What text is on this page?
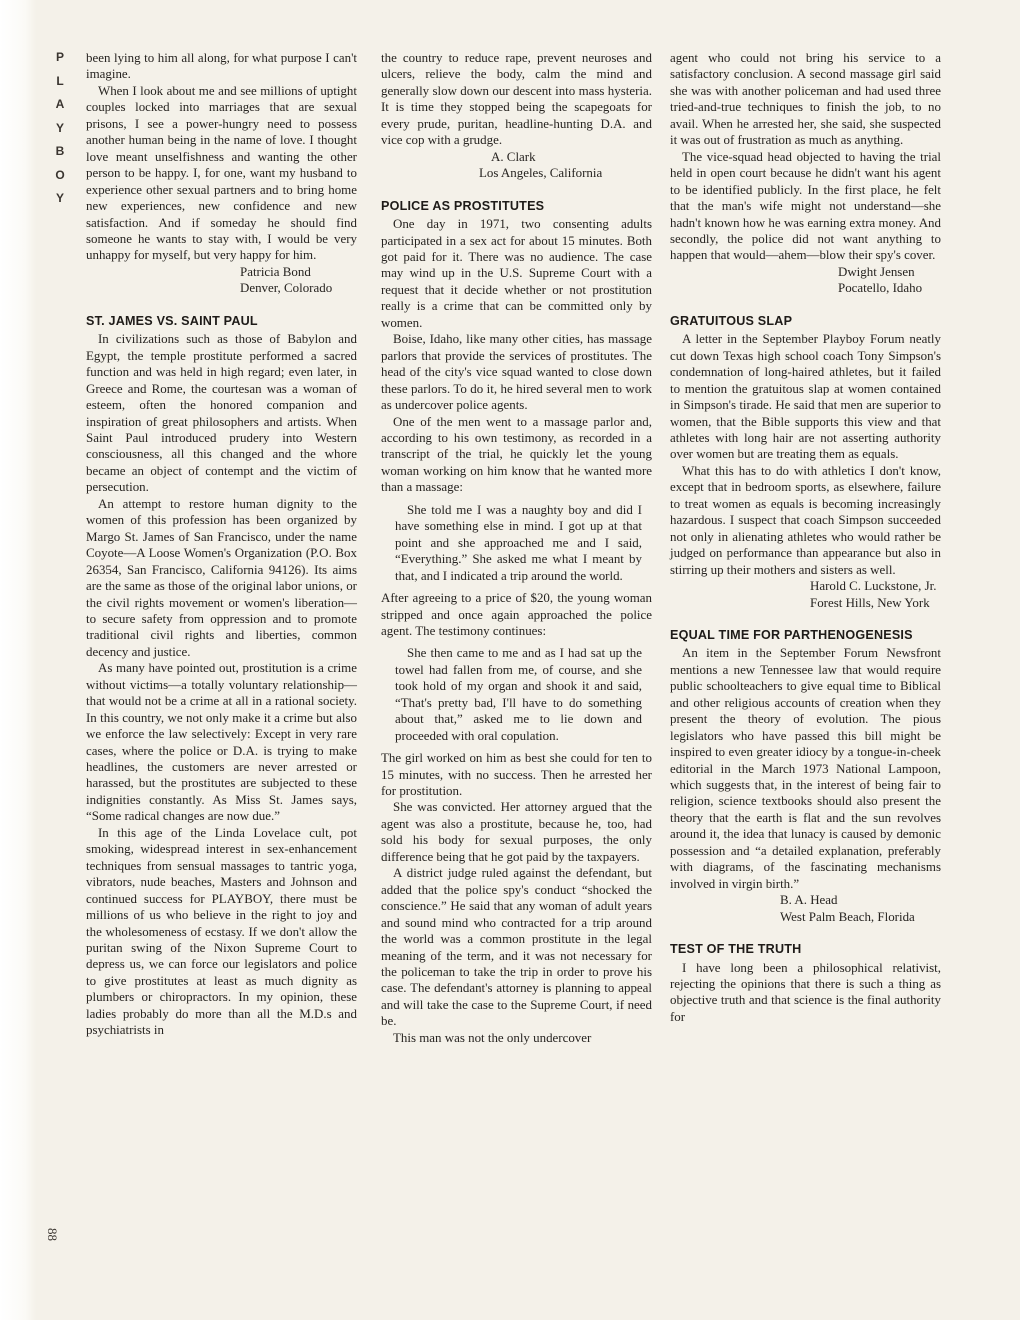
P
L
A
Y
B
O
Y
88

been lying to him all along, for what purpose I can't imagine.

When I look about me and see millions of uptight couples locked into marriages that are sexual prisons, I see a power-hungry need to possess another human being in the name of love. I thought love meant unselfishness and wanting the other person to be happy. I, for one, want my husband to experience other sexual partners and to bring home new experiences, new confidence and new satisfaction. And if someday he should find someone he wants to stay with, I would be very unhappy for myself, but very happy for him.

Patricia Bond
Denver, Colorado
ST. JAMES VS. SAINT PAUL

In civilizations such as those of Babylon and Egypt, the temple prostitute performed a sacred function and was held in high regard; even later, in Greece and Rome, the courtesan was a woman of esteem, often the honored companion and inspiration of great philosophers and artists. When Saint Paul introduced prudery into Western consciousness, all this changed and the whore became an object of contempt and the victim of persecution.

An attempt to restore human dignity to the women of this profession has been organized by Margo St. James of San Francisco, under the name Coyote—A Loose Women's Organization (P.O. Box 26354, San Francisco, California 94126). Its aims are the same as those of the original labor unions, or the civil rights movement or women's liberation—to secure safety from oppression and to promote traditional civil rights and liberties, common decency and justice.

As many have pointed out, prostitution is a crime without victims—a totally voluntary relationship—that would not be a crime at all in a rational society. In this country, we not only make it a crime but also we enforce the law selectively: Except in very rare cases, where the police or D.A. is trying to make headlines, the customers are never arrested or harassed, but the prostitutes are subjected to these indignities constantly. As Miss St. James says, “Some radical changes are now due.”

In this age of the Linda Lovelace cult, pot smoking, widespread interest in sex-enhancement techniques from sensual massages to tantric yoga, vibrators, nude beaches, Masters and Johnson and continued success for PLAYBOY, there must be millions of us who believe in the right to joy and the wholesomeness of ecstasy. If we don't allow the puritan swing of the Nixon Supreme Court to depress us, we can force our legislators and police to give prostitutes at least as much dignity as plumbers or chiropractors. In my opinion, these ladies probably do more than all the M.D.s and psychiatrists in

the country to reduce rape, prevent neuroses and ulcers, relieve the body, calm the mind and generally slow down our descent into mass hysteria. It is time they stopped being the scapegoats for every prude, puritan, headline-hunting D.A. and vice cop with a grudge.

A. Clark
Los Angeles, California
POLICE AS PROSTITUTES

One day in 1971, two consenting adults participated in a sex act for about 15 minutes. Both got paid for it. There was no audience. The case may wind up in the U.S. Supreme Court with a request that it decide whether or not prostitution really is a crime that can be committed only by women.

Boise, Idaho, like many other cities, has massage parlors that provide the services of prostitutes. The head of the city's vice squad wanted to close down these parlors. To do it, he hired several men to work as undercover police agents.

One of the men went to a massage parlor and, according to his own testimony, as recorded in a transcript of the trial, he quickly let the young woman working on him know that he wanted more than a massage:

She told me I was a naughty boy and did I have something else in mind. I got up at that point and she approached me and I said, “Everything.” She asked me what I meant by that, and I indicated a trip around the world.

After agreeing to a price of $20, the young woman stripped and once again approached the police agent. The testimony continues:

She then came to me and as I had sat up the towel had fallen from me, of course, and she took hold of my organ and shook it and said, “That's pretty bad, I'll have to do something about that,” asked me to lie down and proceeded with oral copulation.

The girl worked on him as best she could for ten to 15 minutes, with no success. Then he arrested her for prostitution.

She was convicted. Her attorney argued that the agent was also a prostitute, because he, too, had sold his body for sexual purposes, the only difference being that he got paid by the taxpayers.

A district judge ruled against the defendant, but added that the police spy's conduct “shocked the conscience.” He said that any woman of adult years and sound mind who contracted for a trip around the world was a common prostitute in the legal meaning of the term, and it was not necessary for the policeman to take the trip in order to prove his case. The defendant's attorney is planning to appeal and will take the case to the Supreme Court, if need be.

This man was not the only undercover

agent who could not bring his service to a satisfactory conclusion. A second massage girl said she was with another policeman and had used three tried-and-true techniques to finish the job, to no avail. When he arrested her, she said, she suspected it was out of frustration as much as anything.

The vice-squad head objected to having the trial held in open court because he didn't want his agent to be identified publicly. In the first place, he felt that the man's wife might not understand—she hadn't known how he was earning extra money. And secondly, the police did not want anything to happen that would—ahem—blow their spy's cover.

Dwight Jensen
Pocatello, Idaho
GRATUITOUS SLAP

A letter in the September Playboy Forum neatly cut down Texas high school coach Tony Simpson's condemnation of long-haired athletes, but it failed to mention the gratuitous slap at women contained in Simpson's tirade. He said that men are superior to women, that the Bible supports this view and that athletes with long hair are not asserting authority over women but are treating them as equals.

What this has to do with athletics I don't know, except that in bedroom sports, as elsewhere, failure to treat women as equals is becoming increasingly hazardous. I suspect that coach Simpson succeeded not only in alienating athletes who would rather be judged on performance than appearance but also in stirring up their mothers and sisters as well.

Harold C. Luckstone, Jr.
Forest Hills, New York
EQUAL TIME FOR PARTHENOGENESIS

An item in the September Forum Newsfront mentions a new Tennessee law that would require public schoolteachers to give equal time to Biblical and other religious accounts of creation when they present the theory of evolution. The pious legislators who have passed this bill might be inspired to even greater idiocy by a tongue-in-cheek editorial in the March 1973 National Lampoon, which suggests that, in the interest of being fair to religion, science textbooks should also present the theory that the earth is flat and the sun revolves around it, the idea that lunacy is caused by demonic possession and “a detailed explanation, preferably with diagrams, of the fascinating mechanisms involved in virgin birth.”

B. A. Head
West Palm Beach, Florida
TEST OF THE TRUTH

I have long been a philosophical relativist, rejecting the opinions that there is such a thing as objective truth and that science is the final authority for
